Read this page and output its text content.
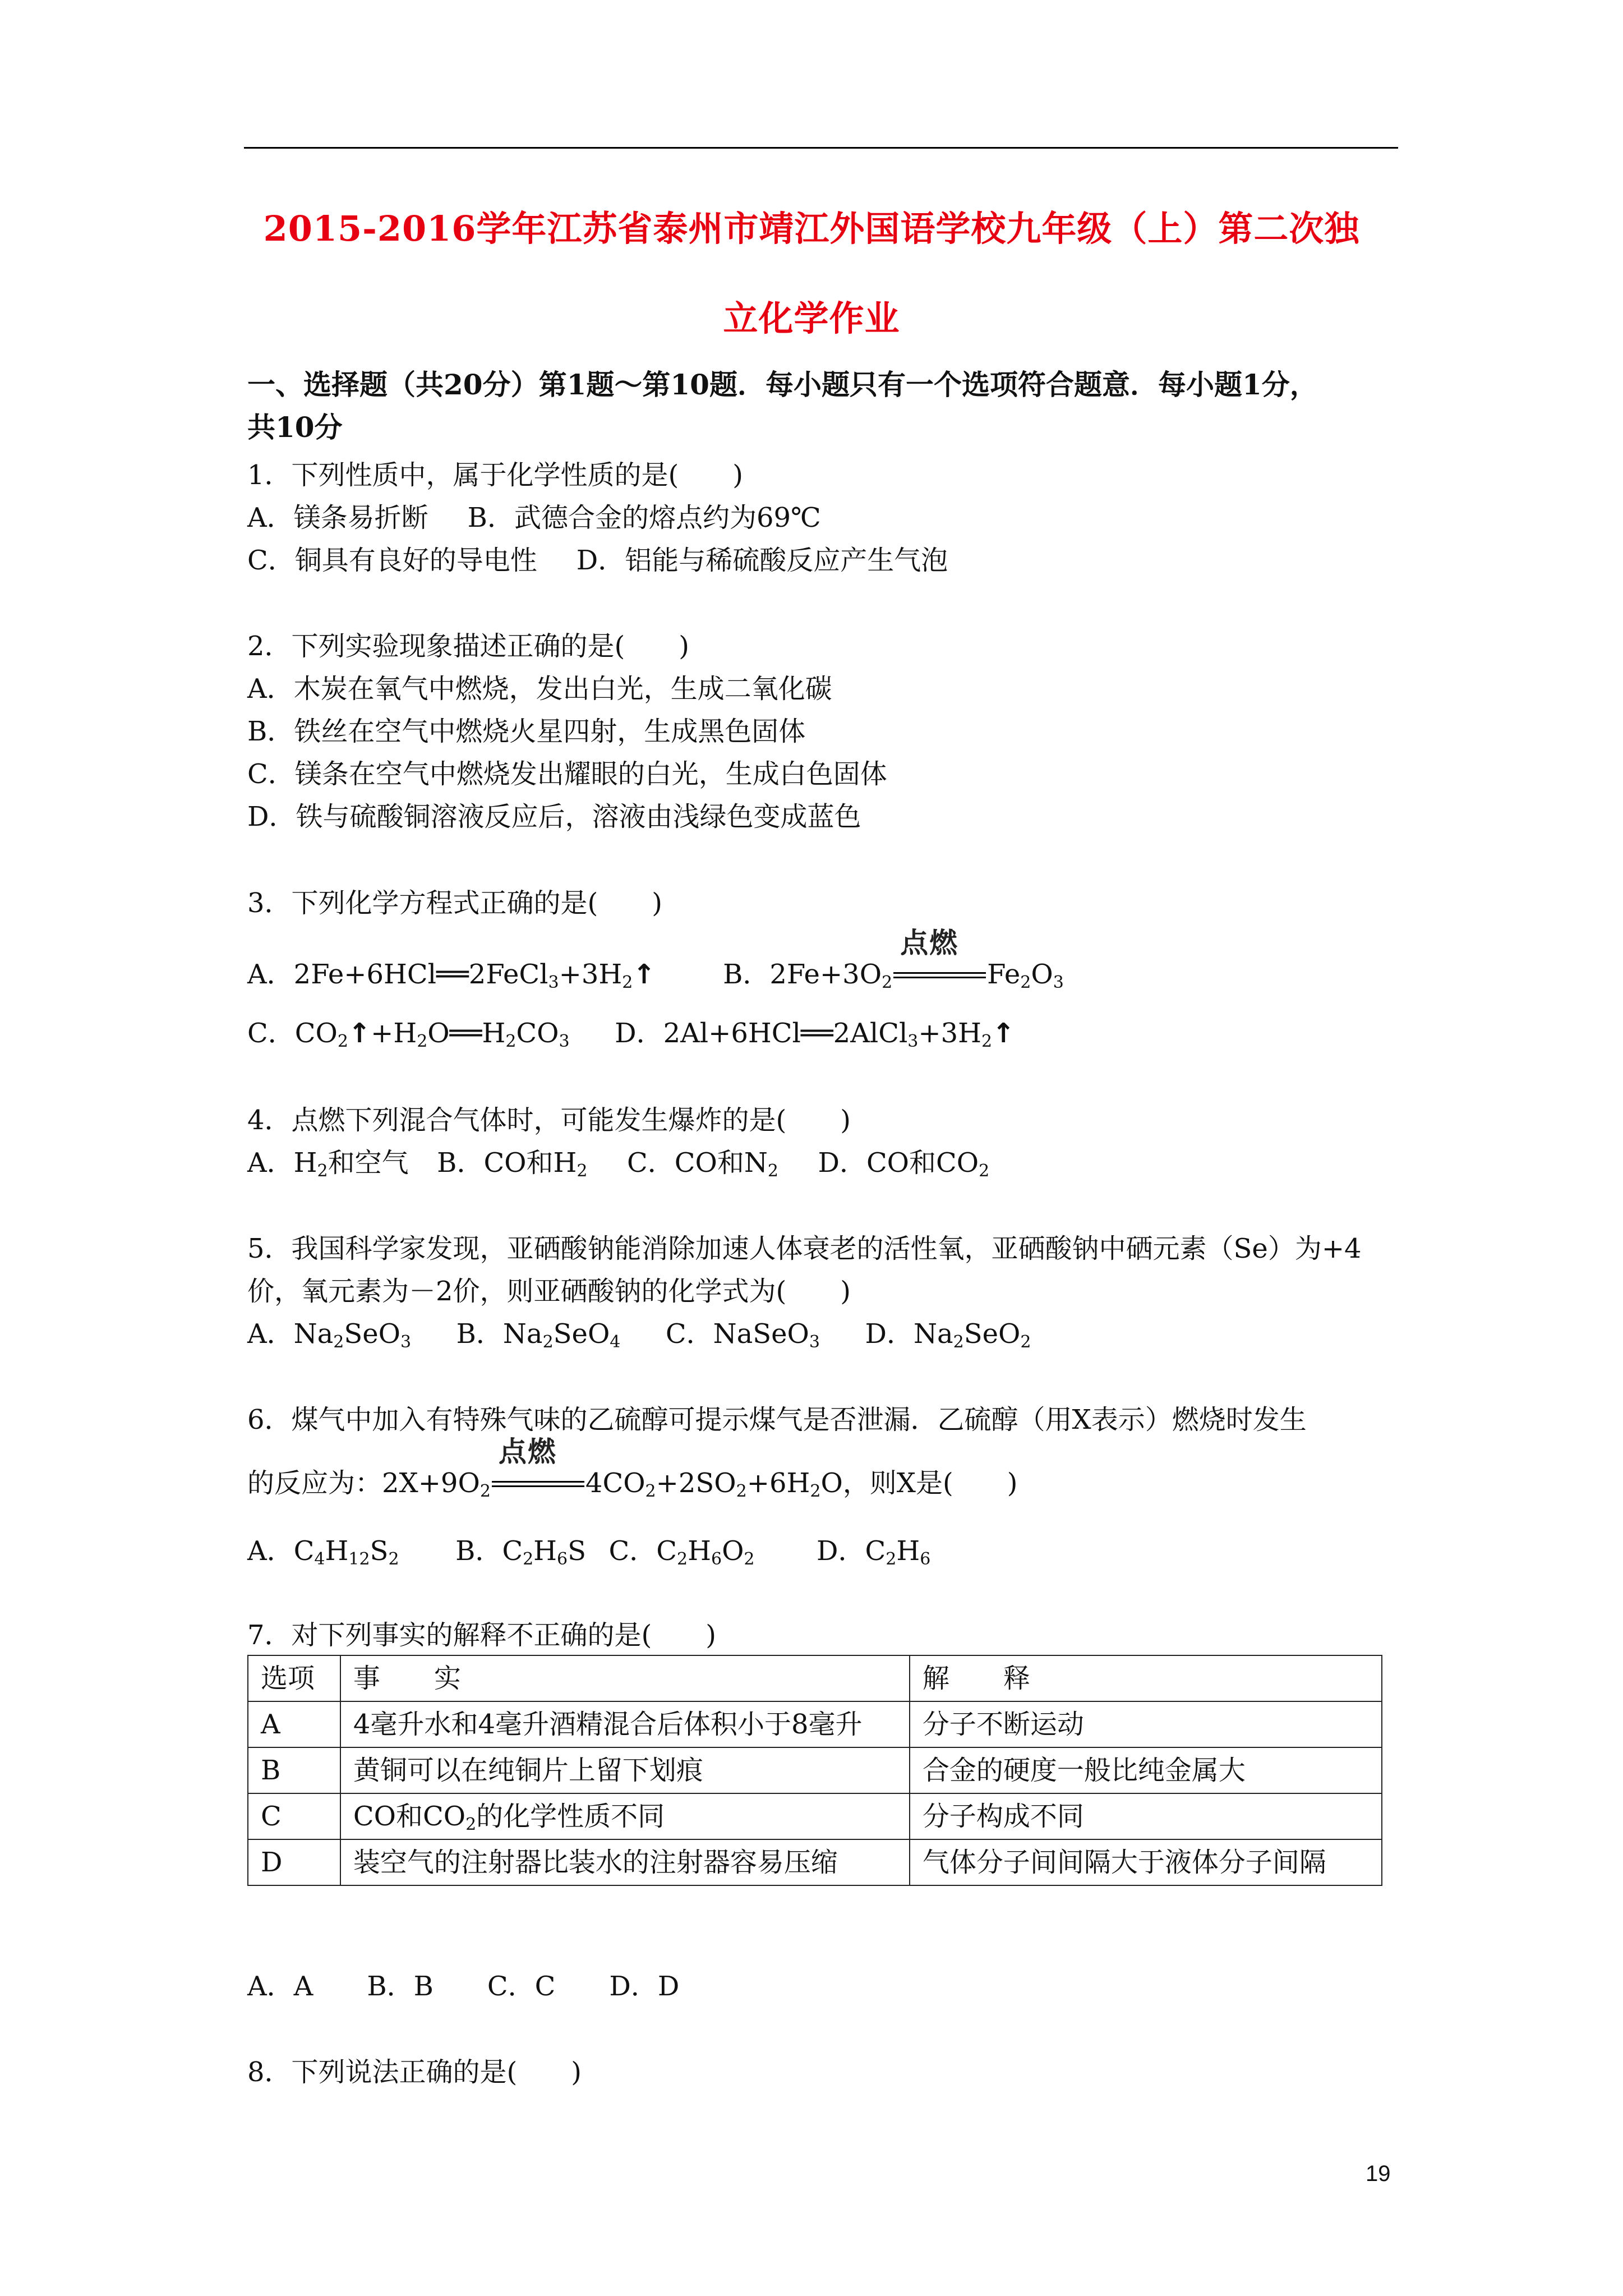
2015-2016学年江苏省泰州市靖江外国语学校九年级（上）第二次独
立化学作业
一、选择题（共20分）第1题～第10题．每小题只有一个选项符合题意．每小题1分，
共10分
1．下列性质中，属于化学性质的是(　　)
A．镁条易折断 B．武德合金的熔点约为69℃
C．铜具有良好的导电性 D．铝能与稀硫酸反应产生气泡
2．下列实验现象描述正确的是(　　)
A．木炭在氧气中燃烧，发出白光，生成二氧化碳
B．铁丝在空气中燃烧火星四射，生成黑色固体
C．镁条在空气中燃烧发出耀眼的白光，生成白色固体
D．铁与硫酸铜溶液反应后，溶液由浅绿色变成蓝色
3．下列化学方程式正确的是(　　)
A．$2Fe+6HCl══2FeCl_3+3H_2↑$	B．$2Fe+3O_2$
点燃
$Fe_2O_3$
C．$CO_2↑+H_2O══H_2CO_3$ D．$2Al+6HCl══2AlCl_3+3H_2↑$
4．点燃下列混合气体时，可能发生爆炸的是(　　)
A．$H_2$和空气 B．CO和$H_2$ C．CO和$N_2$ D．CO和$CO_2$
5．我国科学家发现，亚硒酸钠能消除加速人体衰老的活性氧，亚硒酸钠中硒元素（Se）为+4
价，氧元素为－2价，则亚硒酸钠的化学式为(　　)
A．$Na_2SeO_3$ B．$Na_2SeO_4$ C．NaSeO$_3$ D．$Na_2SeO_2$
6．煤气中加入有特殊气味的乙硫醇可提示煤气是否泄漏．乙硫醇（用X表示）燃烧时发生
的反应为：$2X+9O_2$
点燃
$4CO_2+2SO_2+6H_2O$，则X是(　　)
A．$C_4H_{12}S_2$ B．$C_2H_6S$ C．$C_2H_6O_2$ D．$C_2H_6$
7．对下列事实的解释不正确的是(　　)
选项	事　　实	解　　释
A	4毫升水和4毫升酒精混合后体积小于8毫升	分子不断运动
B	黄铜可以在纯铜片上留下划痕	合金的硬度一般比纯金属大
C	CO和$CO_2$的化学性质不同	分子构成不同
D	装空气的注射器比装水的注射器容易压缩	气体分子间间隔大于液体分子间隔
A．A　　B．B　　C．C　　D．D
8．下列说法正确的是(　　)
19
